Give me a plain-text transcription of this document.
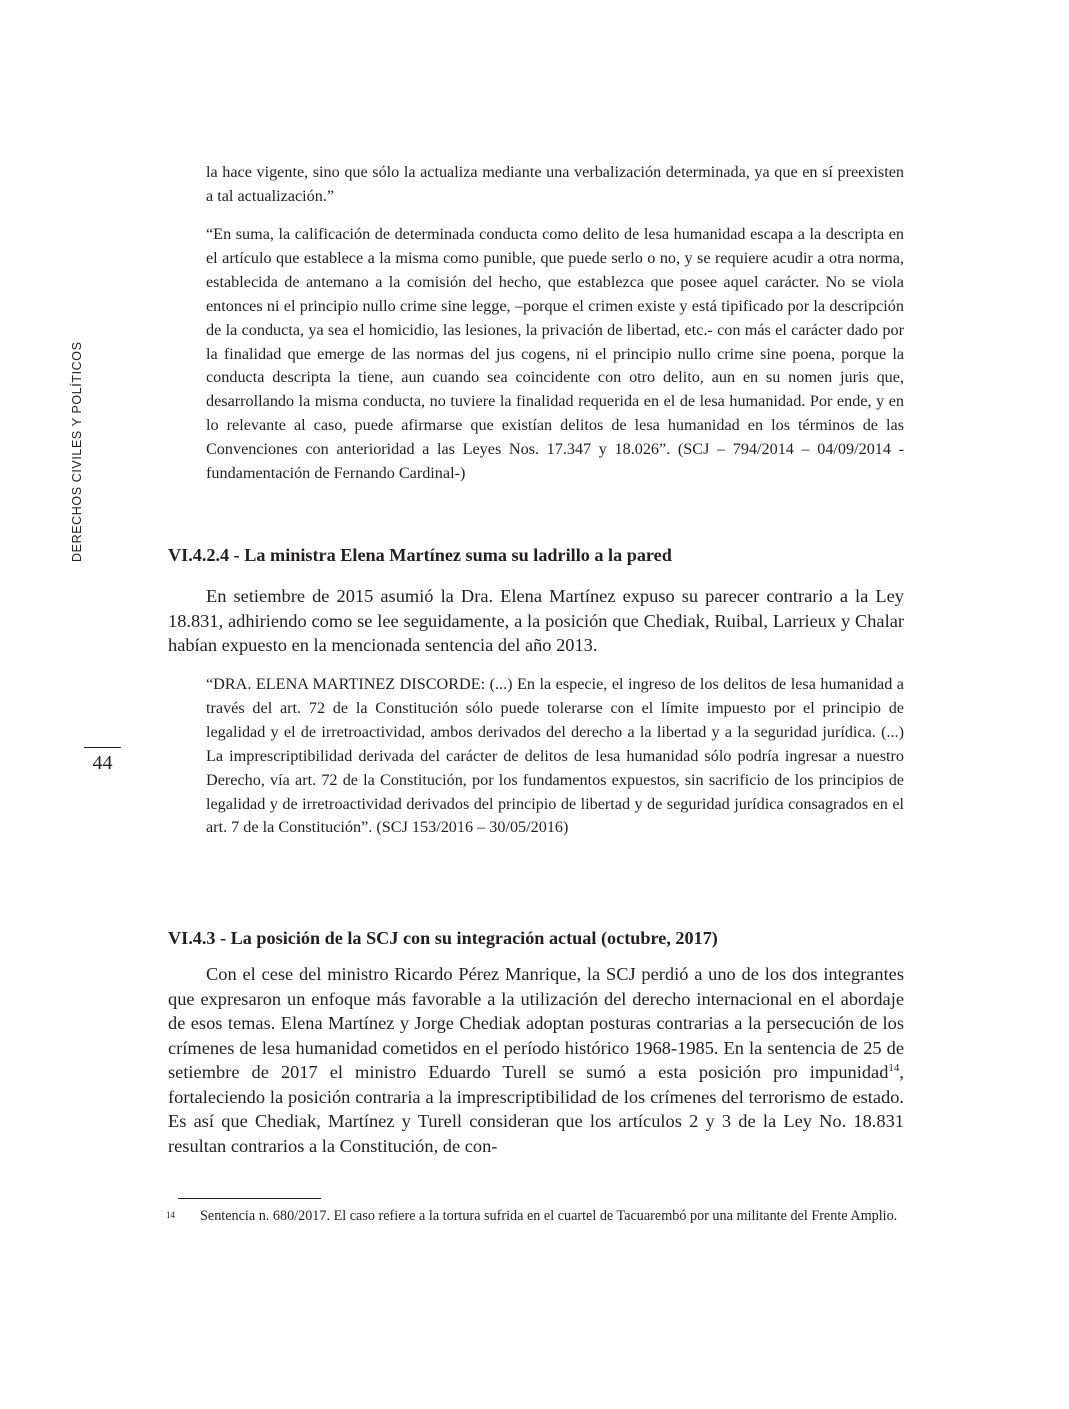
DERECHOS CIVILES Y POLÍTICOS
44

la hace vigente, sino que sólo la actualiza mediante una verbalización determinada, ya que en sí preexisten a tal actualización.”

“En suma, la calificación de determinada conducta como delito de lesa humanidad escapa a la descripta en el artículo que establece a la misma como punible, que puede serlo o no, y se requiere acudir a otra norma, establecida de antemano a la comisión del hecho, que establezca que posee aquel carácter. No se viola entonces ni el principio nullo crime sine legge, –porque el crimen existe y está tipificado por la descripción de la conducta, ya sea el homicidio, las lesiones, la privación de libertad, etc.- con más el carácter dado por la finalidad que emerge de las normas del jus cogens, ni el principio nullo crime sine poena, porque la conducta descripta la tiene, aun cuando sea coincidente con otro delito, aun en su nomen juris que, desarrollando la misma conducta, no tuviere la finalidad requerida en el de lesa humanidad. Por ende, y en lo relevante al caso, puede afirmarse que existían delitos de lesa humanidad en los términos de las Convenciones con anterioridad a las Leyes Nos. 17.347 y 18.026”. (SCJ – 794/2014 – 04/09/2014 -fundamentación de Fernando Cardinal-)

VI.4.2.4 - La ministra Elena Martínez suma su ladrillo a la pared

En setiembre de 2015 asumió la Dra. Elena Martínez expuso su parecer contrario a la Ley 18.831, adhiriendo como se lee seguidamente, a la posición que Chediak, Ruibal, Larrieux y Chalar habían expuesto en la mencionada sentencia del año 2013.

“DRA. ELENA MARTINEZ DISCORDE: (...) En la especie, el ingreso de los delitos de lesa humanidad a través del art. 72 de la Constitución sólo puede tolerarse con el límite impuesto por el principio de legalidad y el de irretroactividad, ambos derivados del derecho a la libertad y a la seguridad jurídica. (...) La imprescriptibilidad derivada del carácter de delitos de lesa humanidad sólo podría ingresar a nuestro Derecho, vía art. 72 de la Constitución, por los fundamentos expuestos, sin sacrificio de los principios de legalidad y de irretroactividad derivados del principio de libertad y de seguridad jurídica consagrados en el art. 7 de la Constitución”. (SCJ 153/2016 – 30/05/2016)

VI.4.3 - La posición de la SCJ con su integración actual (octubre, 2017)

Con el cese del ministro Ricardo Pérez Manrique, la SCJ perdió a uno de los dos integrantes que expresaron un enfoque más favorable a la utilización del derecho internacional en el abordaje de esos temas. Elena Martínez y Jorge Chediak adoptan posturas contrarias a la persecución de los crímenes de lesa humanidad cometidos en el período histórico 1968-1985. En la sentencia de 25 de setiembre de 2017 el ministro Eduardo Turell se sumó a esta posición pro impunidad$^{14}$, fortaleciendo la posición contraria a la imprescriptibilidad de los crímenes del terrorismo de estado. Es así que Chediak, Martínez y Turell consideran que los artículos 2 y 3 de la Ley No. 18.831 resultan contrarios a la Constitución, de con-

14 Sentencia n. 680/2017. El caso refiere a la tortura sufrida en el cuartel de Tacuarembó por una militante del Frente Amplio.
